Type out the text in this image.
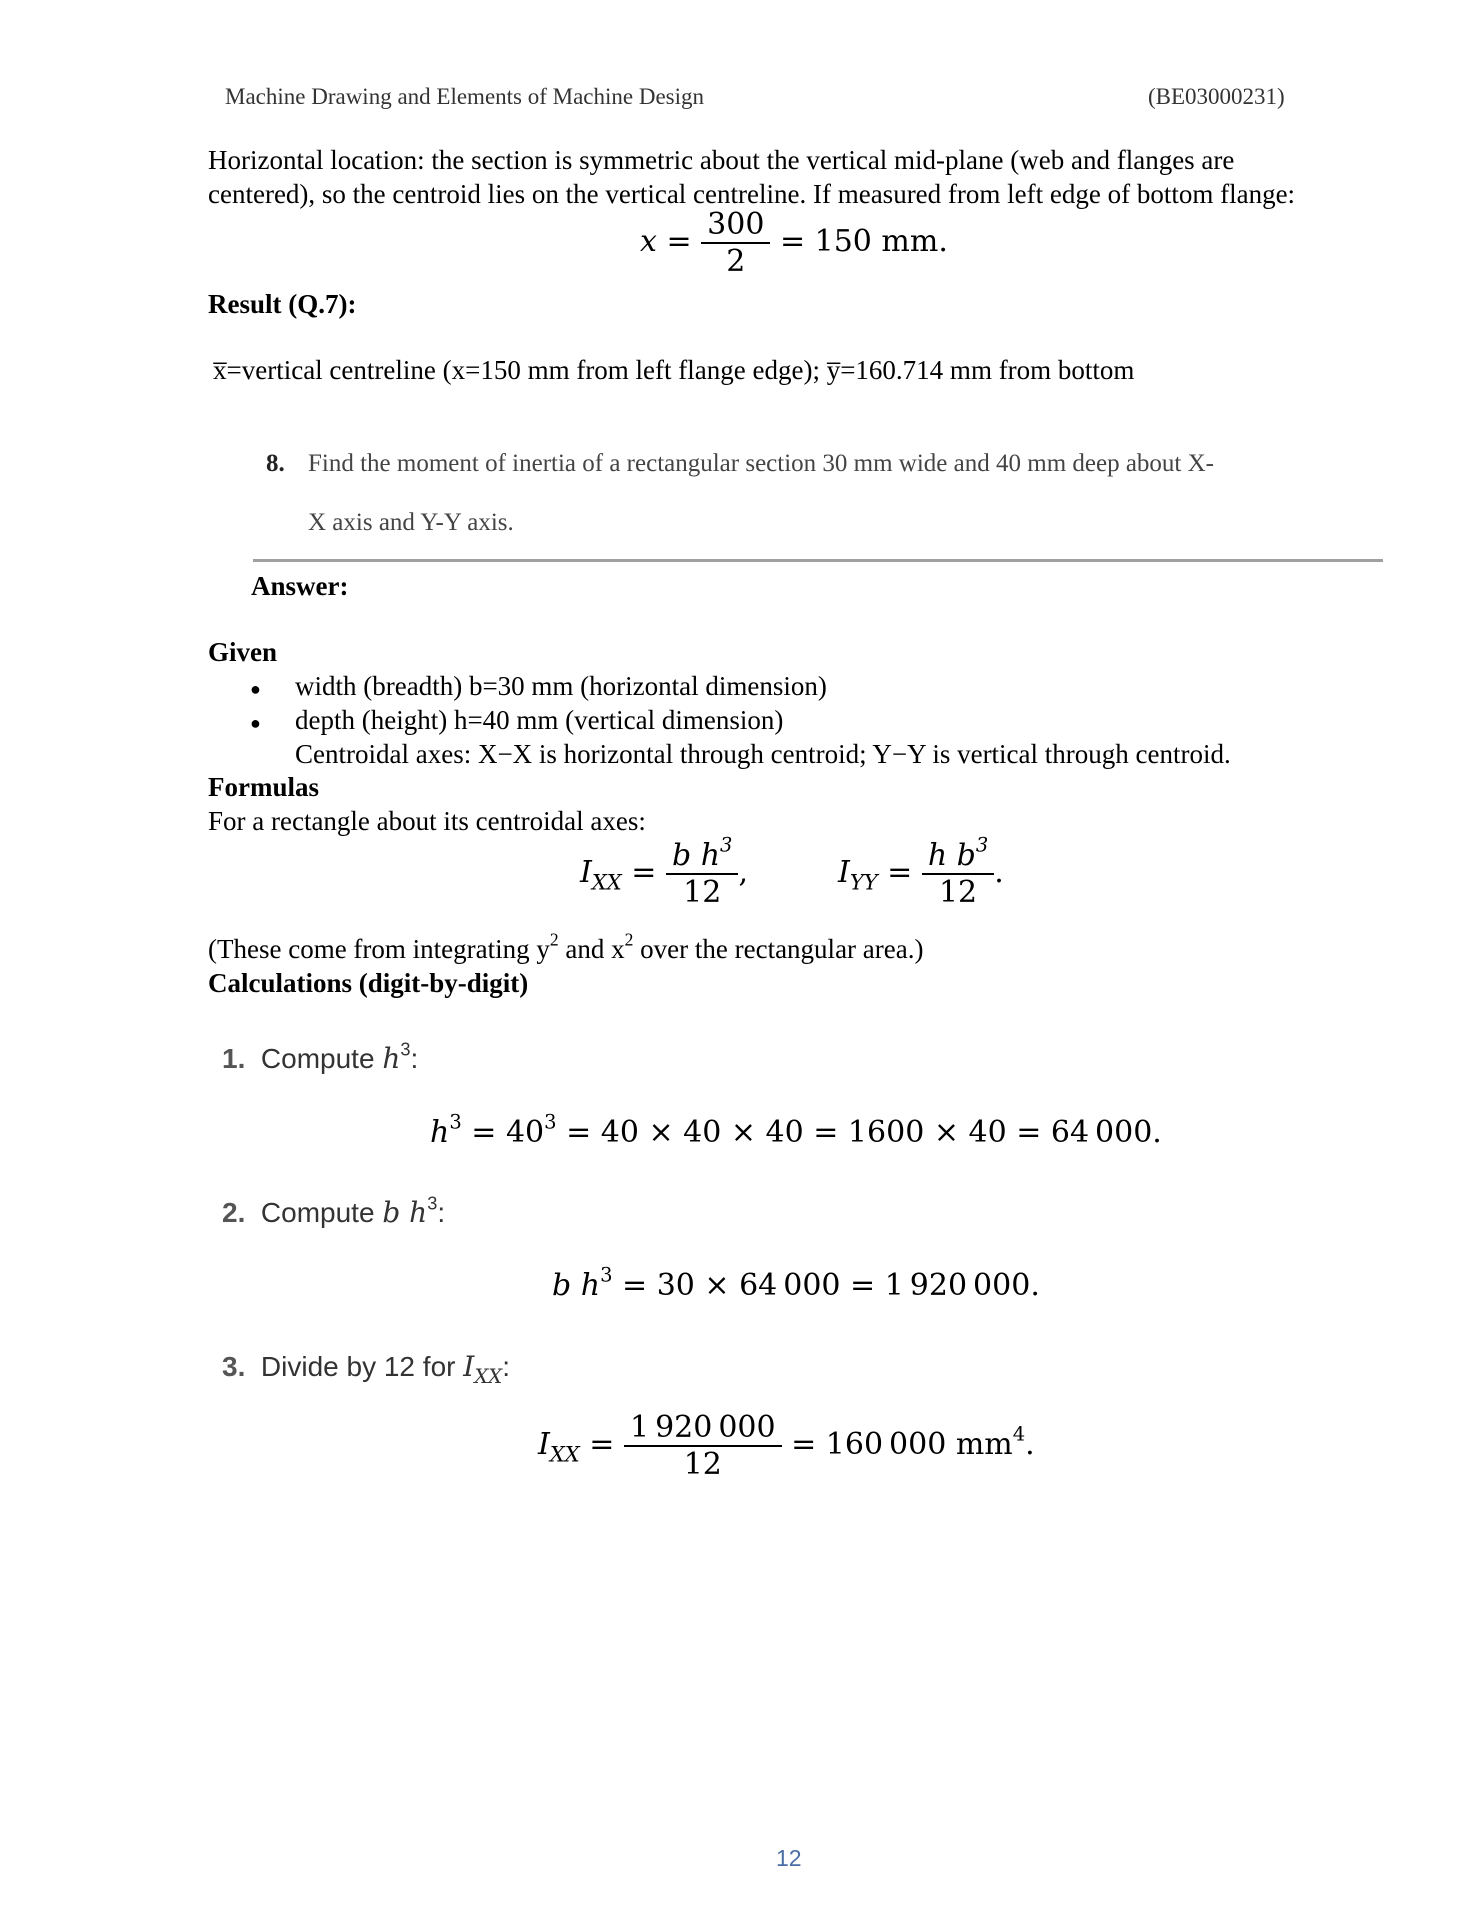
Machine Drawing and Elements of Machine Design	(BE03000231)
Horizontal location: the section is symmetric about the vertical mid-plane (web and flanges are
centered), so the centroid lies on the vertical centreline. If measured from left edge of bottom flange:
$x = \frac{300}{2} = 150$ mm.
Result (Q.7):
x̅=vertical centreline (x=150 mm from left flange edge); y̅=160.714 mm from bottom
8. Find the moment of inertia of a rectangular section 30 mm wide and 40 mm deep about X-
X axis and Y-Y axis.
Answer:
Given
● width (breadth) b=30 mm (horizontal dimension)
● depth (height) h=40 mm (vertical dimension)
Centroidal axes: X−X is horizontal through centroid; Y−Y is vertical through centroid.
Formulas
For a rectangle about its centroidal axes:
$I_{XX} = \frac{b h^3}{12}$ ,	$I_{YY} = \frac{h b^3}{12}$ .
(These come from integrating $y^2$ and $x^2$ over the rectangular area.)
Calculations (digit-by-digit)
1. Compute $h^3$:
$h^3 = 40^3 = 40 \times 40 \times 40 = 1600 \times 40 = 64$ 000.
2. Compute b $h^3$:
b $h^3 = 30 \times 64$ 000 = 1 920 000.
3. Divide by 12 for $I_{XX}$:
$I_{XX} = \frac{1 920 000}{12} = 160$ 000 $mm^4$.
12
